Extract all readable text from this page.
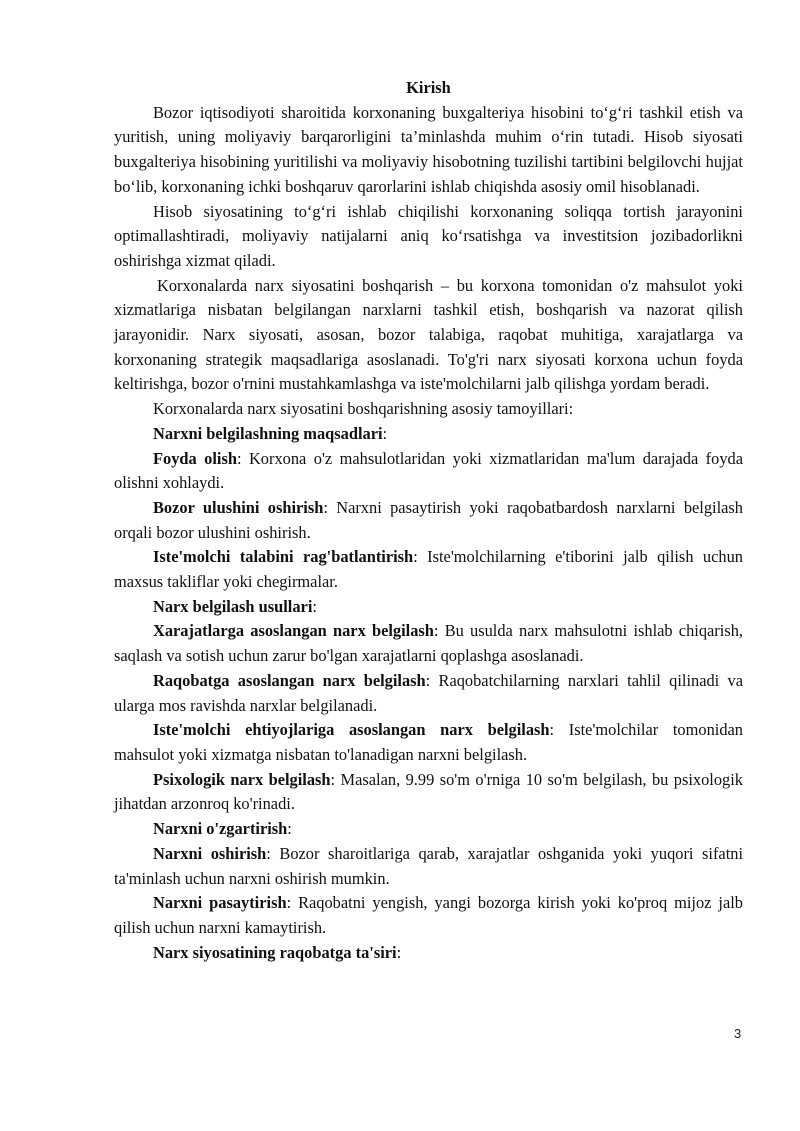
Kirish

Bozor iqtisodiyoti sharoitida korxonaning buxgalteriya hisobini to‘g‘ri tashkil etish va yuritish, uning moliyaviy barqarorligini ta’minlashda muhim o‘rin tutadi. Hisob siyosati buxgalteriya hisobining yuritilishi va moliyaviy hisobotning tuzilishi tartibini belgilovchi hujjat bo‘lib, korxonaning ichki boshqaruv qarorlarini ishlab chiqishda asosiy omil hisoblanadi.

Hisob siyosatining to‘g‘ri ishlab chiqilishi korxonaning soliqqa tortish jarayonini optimallashtiradi, moliyaviy natijalarni aniq ko‘rsatishga va investitsion jozibadorlikni oshirishga xizmat qiladi.

Korxonalarda narx siyosatini boshqarish – bu korxona tomonidan o'z mahsulot yoki xizmatlariga nisbatan belgilangan narxlarni tashkil etish, boshqarish va nazorat qilish jarayonidir. Narx siyosati, asosan, bozor talabiga, raqobat muhitiga, xarajatlarga va korxonaning strategik maqsadlariga asoslanadi. To'g'ri narx siyosati korxona uchun foyda keltirishga, bozor o'rnini mustahkamlashga va iste'molchilarni jalb qilishga yordam beradi.

Korxonalarda narx siyosatini boshqarishning asosiy tamoyillari:

Narxni belgilashning maqsadlari:

Foyda olish: Korxona o'z mahsulotlaridan yoki xizmatlaridan ma'lum darajada foyda olishni xohlaydi.

Bozor ulushini oshirish: Narxni pasaytirish yoki raqobatbardosh narxlarni belgilash orqali bozor ulushini oshirish.

Iste'molchi talabini rag'batlantirish: Iste'molchilarning e'tiborini jalb qilish uchun maxsus takliflar yoki chegirmalar.

Narx belgilash usullari:

Xarajatlarga asoslangan narx belgilash: Bu usulda narx mahsulotni ishlab chiqarish, saqlash va sotish uchun zarur bo'lgan xarajatlarni qoplashga asoslanadi.

Raqobatga asoslangan narx belgilash: Raqobatchilarning narxlari tahlil qilinadi va ularga mos ravishda narxlar belgilanadi.

Iste'molchi ehtiyojlariga asoslangan narx belgilash: Iste'molchilar tomonidan mahsulot yoki xizmatga nisbatan to'lanadigan narxni belgilash.

Psixologik narx belgilash: Masalan, 9.99 so'm o'rniga 10 so'm belgilash, bu psixologik jihatdan arzonroq ko'rinadi.

Narxni o'zgartirish:

Narxni oshirish: Bozor sharoitlariga qarab, xarajatlar oshganida yoki yuqori sifatni ta'minlash uchun narxni oshirish mumkin.

Narxni pasaytirish: Raqobatni yengish, yangi bozorga kirish yoki ko'proq mijoz jalb qilish uchun narxni kamaytirish.

Narx siyosatining raqobatga ta'siri:

3
